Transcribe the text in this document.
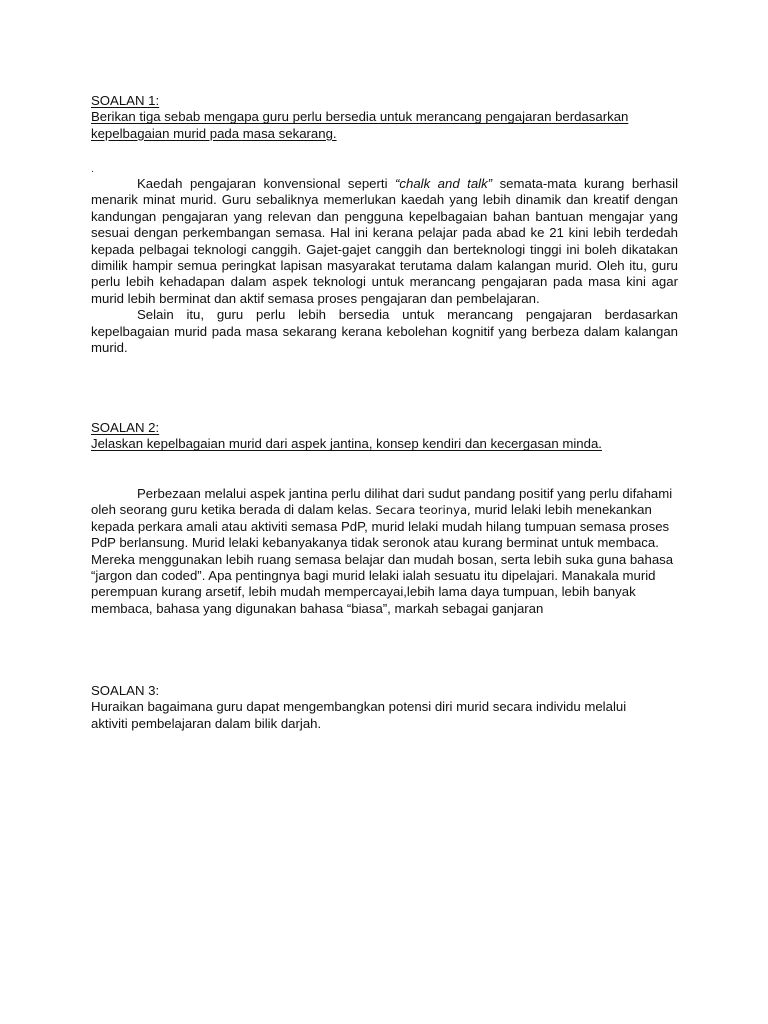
SOALAN 1:
Berikan tiga sebab mengapa guru perlu bersedia untuk merancang pengajaran berdasarkan kepelbagaian murid pada masa sekarang.
.

Kaedah pengajaran konvensional seperti “chalk and talk” semata-mata kurang berhasil menarik minat murid. Guru sebaliknya memerlukan kaedah yang lebih dinamik dan kreatif dengan kandungan pengajaran yang relevan dan pengguna kepelbagaian bahan bantuan mengajar yang sesuai dengan perkembangan semasa. Hal ini kerana pelajar pada abad ke 21 kini lebih terdedah kepada pelbagai teknologi canggih. Gajet-gajet canggih dan berteknologi tinggi ini boleh dikatakan dimilik hampir semua peringkat lapisan masyarakat terutama dalam kalangan murid. Oleh itu, guru perlu lebih kehadapan dalam aspek teknologi untuk merancang pengajaran pada masa kini agar murid lebih berminat dan aktif semasa proses pengajaran dan pembelajaran.

Selain itu, guru perlu lebih bersedia untuk merancang pengajaran berdasarkan kepelbagaian murid pada masa sekarang kerana kebolehan kognitif yang berbeza dalam kalangan murid.

SOALAN 2:
Jelaskan kepelbagaian murid dari aspek jantina, konsep kendiri dan kecergasan minda.

Perbezaan melalui aspek jantina perlu dilihat dari sudut pandang positif yang perlu difahami oleh seorang guru ketika berada di dalam kelas. Secara teorinya, murid lelaki lebih menekankan kepada perkara amali atau aktiviti semasa PdP, murid lelaki mudah hilang tumpuan semasa proses PdP berlansung. Murid lelaki kebanyakanya tidak seronok atau kurang berminat untuk membaca. Mereka menggunakan lebih ruang semasa belajar dan mudah bosan, serta lebih suka guna bahasa “jargon dan coded”. Apa pentingnya bagi murid lelaki ialah sesuatu itu dipelajari. Manakala murid perempuan kurang arsetif, lebih mudah mempercayai,lebih lama daya tumpuan, lebih banyak membaca, bahasa yang digunakan bahasa “biasa”, markah sebagai ganjaran

SOALAN 3:
Huraikan bagaimana guru dapat mengembangkan potensi diri murid secara individu melalui aktiviti pembelajaran dalam bilik darjah.
